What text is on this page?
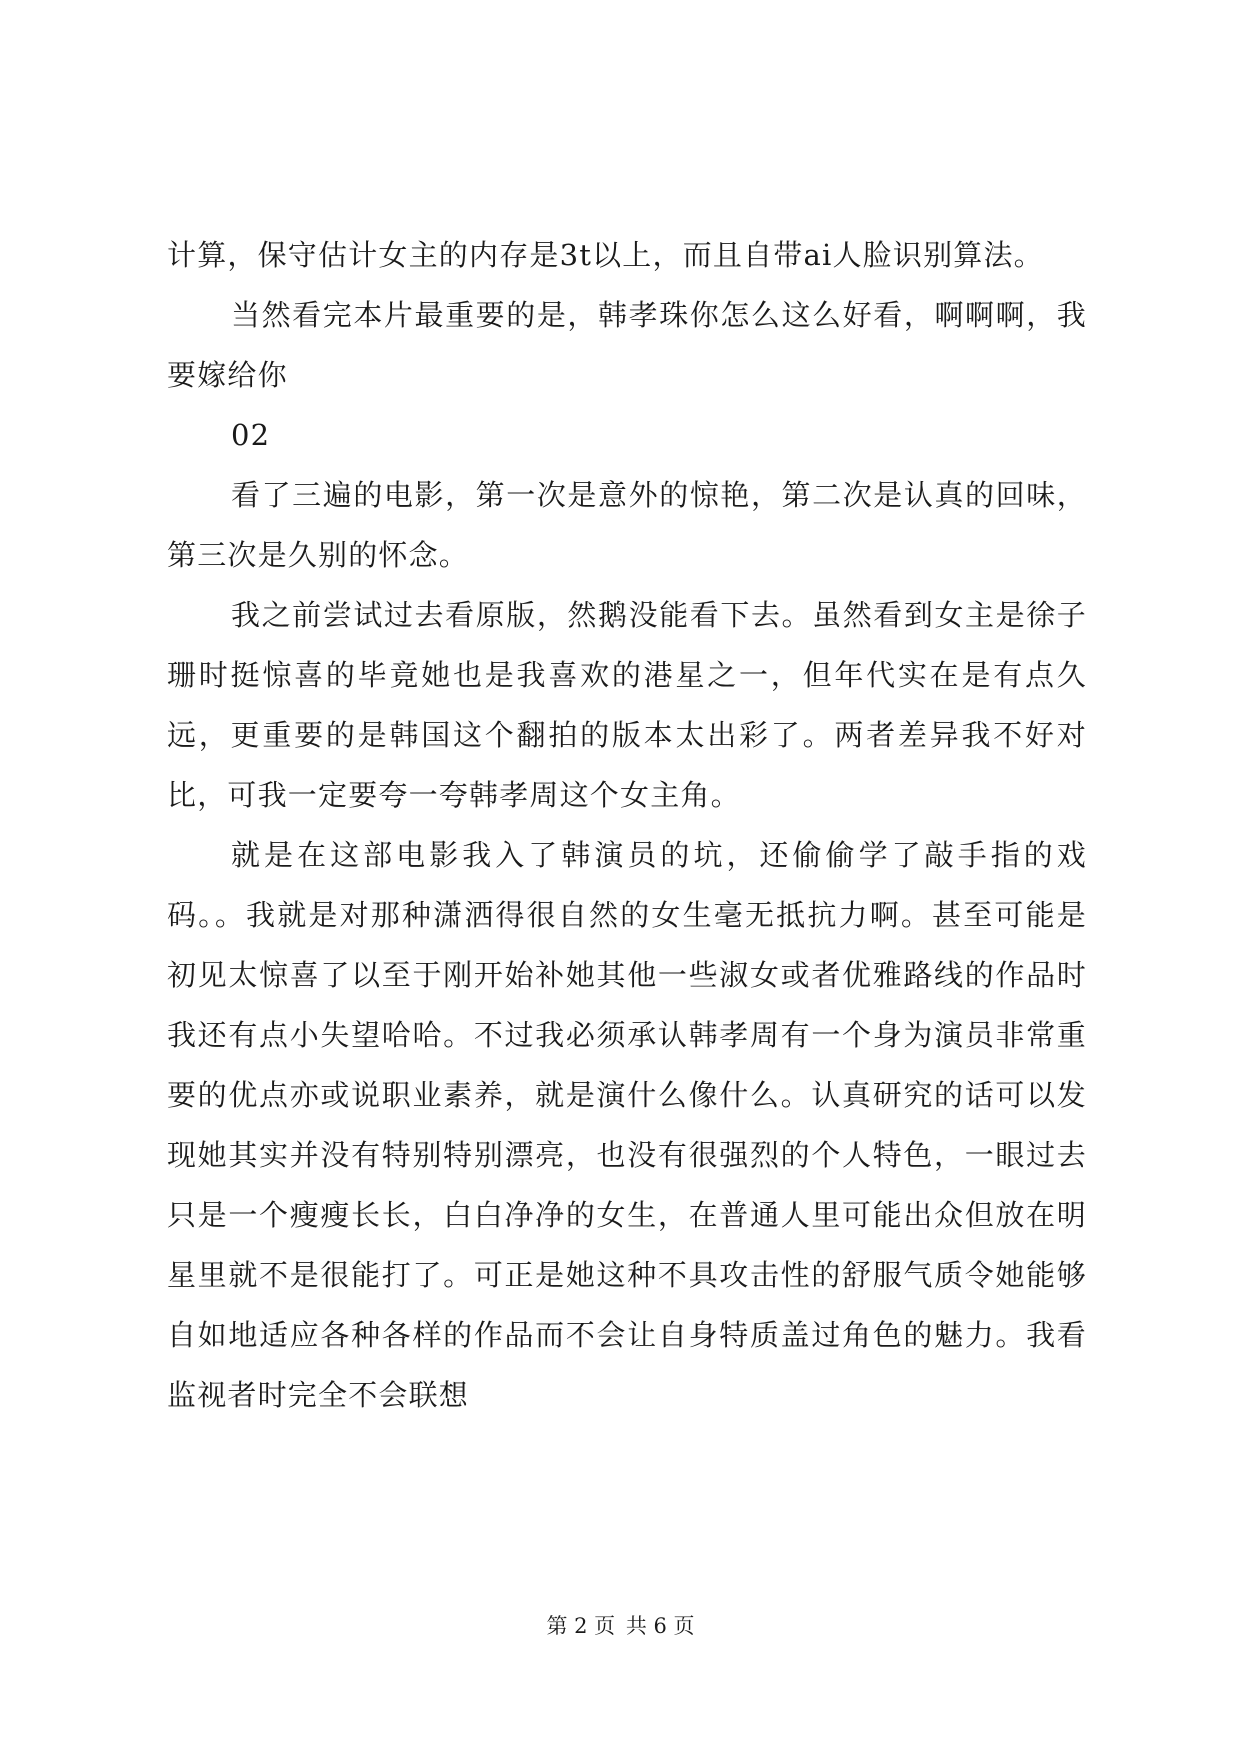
计算，保守估计女主的内存是3t以上，而且自带ai人脸识别算法。

当然看完本片最重要的是，韩孝珠你怎么这么好看，啊啊啊，我要嫁给你

02

看了三遍的电影，第一次是意外的惊艳，第二次是认真的回味，第三次是久别的怀念。

我之前尝试过去看原版，然鹅没能看下去。虽然看到女主是徐子珊时挺惊喜的毕竟她也是我喜欢的港星之一，但年代实在是有点久远，更重要的是韩国这个翻拍的版本太出彩了。两者差异我不好对比，可我一定要夸一夸韩孝周这个女主角。

就是在这部电影我入了韩演员的坑，还偷偷学了敲手指的戏码。。我就是对那种潇洒得很自然的女生毫无抵抗力啊。甚至可能是初见太惊喜了以至于刚开始补她其他一些淑女或者优雅路线的作品时我还有点小失望哈哈。不过我必须承认韩孝周有一个身为演员非常重要的优点亦或说职业素养，就是演什么像什么。认真研究的话可以发现她其实并没有特别特别漂亮，也没有很强烈的个人特色，一眼过去只是一个瘦瘦长长，白白净净的女生，在普通人里可能出众但放在明星里就不是很能打了。可正是她这种不具攻击性的舒服气质令她能够自如地适应各种各样的作品而不会让自身特质盖过角色的魅力。我看监视者时完全不会联想

第 2 页 共 6 页
